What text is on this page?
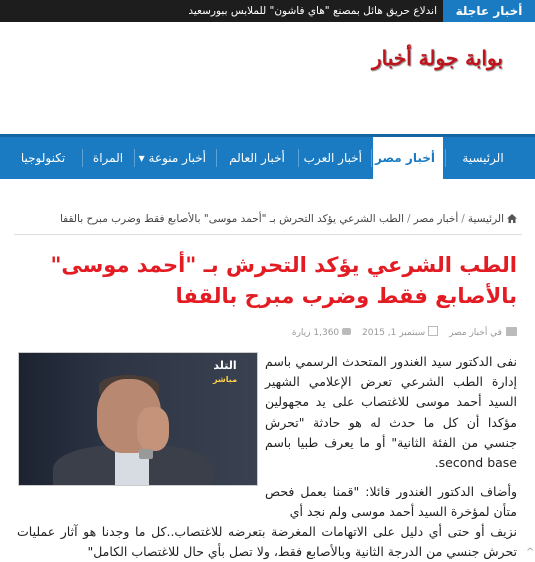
أخبار عاجلة
اندلاع حريق هائل بمصنع "هاي فاشون" للملابس ببورسعيد
بوابة جولة أخبار
الرئيسية
أخبار مصر
أخبار العرب
أخبار العالم
أخبار منوعة ▾
المراة
تكنولوجيا
الرئيسية/أخبار مصر/الطب الشرعي يؤكد التحرش بـ "أحمد موسى" بالأصابع فقط وضرب مبرح بالقفا
الطب الشرعي يؤكد التحرش بـ "أحمد موسى" بالأصابع فقط وضرب مبرح بالقفا
في أخبار مصر سبتمبر 1, 2015 1,360 زيارة
التلد
مباشر

نفى الدكتور سيد الغندور المتحدث الرسمي باسم إدارة الطب الشرعي تعرض الإعلامي الشهير السيد أحمد موسى للاغتصاب على يد مجهولين مؤكدا أن كل ما حدث له هو حادثة "تحرش جنسي من الفئة الثانية" أو ما يعرف طبيا باسم second base.

وأضاف الدكتور الغندور قائلا: "قمنا بعمل فحص متأن لمؤخرة السيد أحمد موسى ولم نجد أي

نزيف أو حتى أي دليل على الاتهامات المغرضة بتعرضه للاغتصاب..كل ما وجدنا هو آثار عمليات تحرش جنسي من الدرجة الثانية وبالأصابع فقط، ولا تصل بأي حال للاغتصاب الكامل" ^
